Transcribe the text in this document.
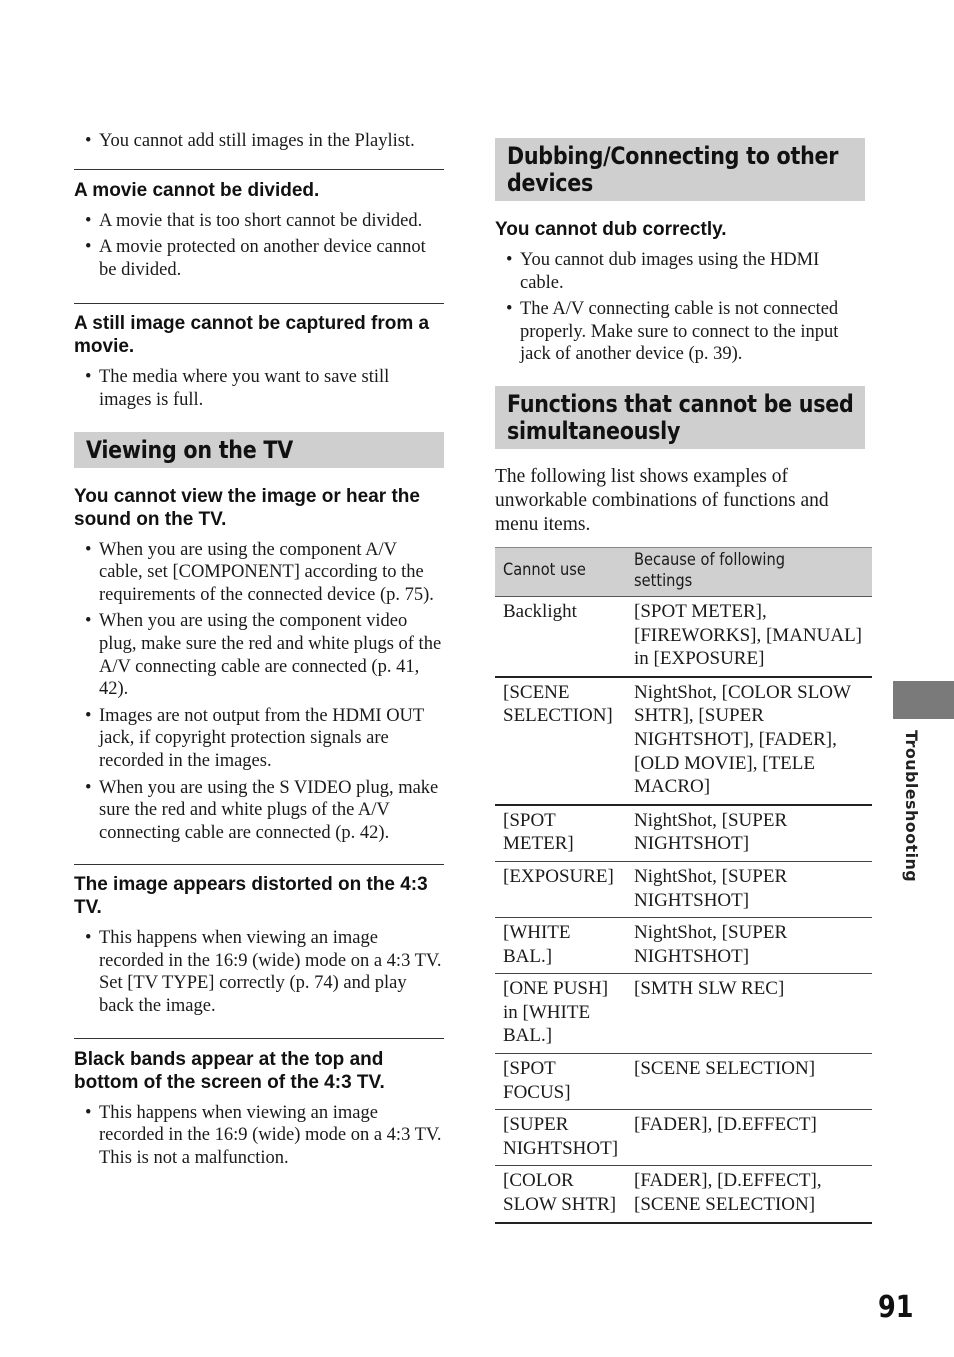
• You cannot add still images in the Playlist.
A movie cannot be divided.
• A movie that is too short cannot be divided.
• A movie protected on another device cannot be divided.
A still image cannot be captured from a movie.
• The media where you want to save still images is full.
Viewing on the TV
You cannot view the image or hear the sound on the TV.
• When you are using the component A/V cable, set [COMPONENT] according to the requirements of the connected device (p. 75).
• When you are using the component video plug, make sure the red and white plugs of the A/V connecting cable are connected (p. 41, 42).
• Images are not output from the HDMI OUT jack, if copyright protection signals are recorded in the images.
• When you are using the S VIDEO plug, make sure the red and white plugs of the A/V connecting cable are connected (p. 42).
The image appears distorted on the 4:3 TV.
• This happens when viewing an image recorded in the 16:9 (wide) mode on a 4:3 TV. Set [TV TYPE] correctly (p. 74) and play back the image.
Black bands appear at the top and bottom of the screen of the 4:3 TV.
• This happens when viewing an image recorded in the 16:9 (wide) mode on a 4:3 TV. This is not a malfunction.
Dubbing/Connecting to other devices
You cannot dub correctly.
• You cannot dub images using the HDMI cable.
• The A/V connecting cable is not connected properly. Make sure to connect to the input jack of another device (p. 39).
Functions that cannot be used simultaneously

The following list shows examples of unworkable combinations of functions and menu items.

Cannot use	Because of following settings
Backlight	[SPOT METER], [FIREWORKS], [MANUAL] in [EXPOSURE]
[SCENE SELECTION]	NightShot, [COLOR SLOW SHTR], [SUPER NIGHTSHOT], [FADER], [OLD MOVIE], [TELE MACRO]
[SPOT METER]	NightShot, [SUPER NIGHTSHOT]
[EXPOSURE]	NightShot, [SUPER NIGHTSHOT]
[WHITE BAL.]	NightShot, [SUPER NIGHTSHOT]
[ONE PUSH] in [WHITE BAL.]	[SMTH SLW REC]
[SPOT FOCUS]	[SCENE SELECTION]
[SUPER NIGHTSHOT]	[FADER], [D.EFFECT]
[COLOR SLOW SHTR]	[FADER], [D.EFFECT], [SCENE SELECTION]
Troubleshooting
91
